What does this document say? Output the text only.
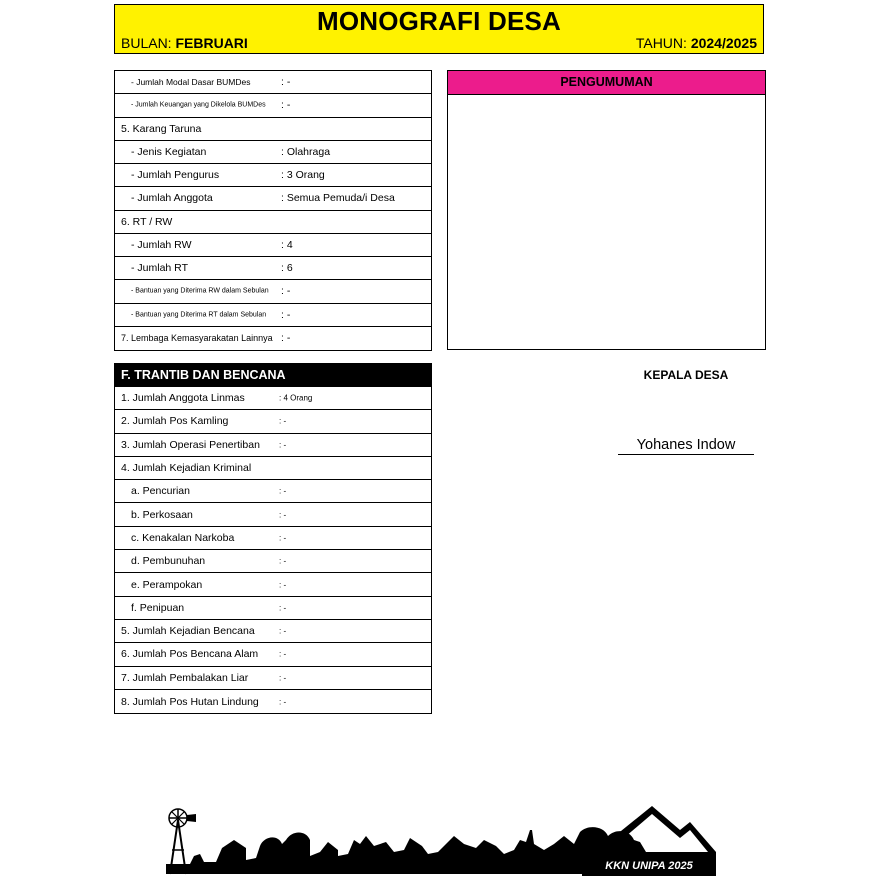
MONOGRAFI DESA
BULAN: FEBRUARI	TAHUN: 2024/2025
- Jumlah Modal Dasar BUMDes	: -
- Jumlah Keuangan yang Dikelola BUMDes : -
5. Karang Taruna
- Jenis Kegiatan	: Olahraga
- Jumlah Pengurus	: 3 Orang
- Jumlah Anggota	: Semua Pemuda/i Desa
6. RT / RW
- Jumlah RW	: 4
- Jumlah RT	: 6
- Bantuan yang Diterima RW dalam Sebulan : -
- Bantuan yang Diterima RT dalam Sebulan : -
7. Lembaga Kemasyarakatan Lainnya : -
PENGUMUMAN
F. TRANTIB DAN BENCANA
1. Jumlah Anggota Linmas	: 4 Orang
2. Jumlah Pos Kamling	: -
3. Jumlah Operasi Penertiban : -
4. Jumlah Kejadian Kriminal
a. Pencurian	: -
b. Perkosaan	: -
c. Kenakalan Narkoba	: -
d. Pembunuhan	: -
e. Perampokan	: -
f. Penipuan	: -
5. Jumlah Kejadian Bencana	: -
6. Jumlah Pos Bencana Alam	: -
7. Jumlah Pembalakan Liar	: -
8. Jumlah Pos Hutan Lindung	: -
KEPALA DESA
Yohanes Indow
KKN UNIPA 2025
